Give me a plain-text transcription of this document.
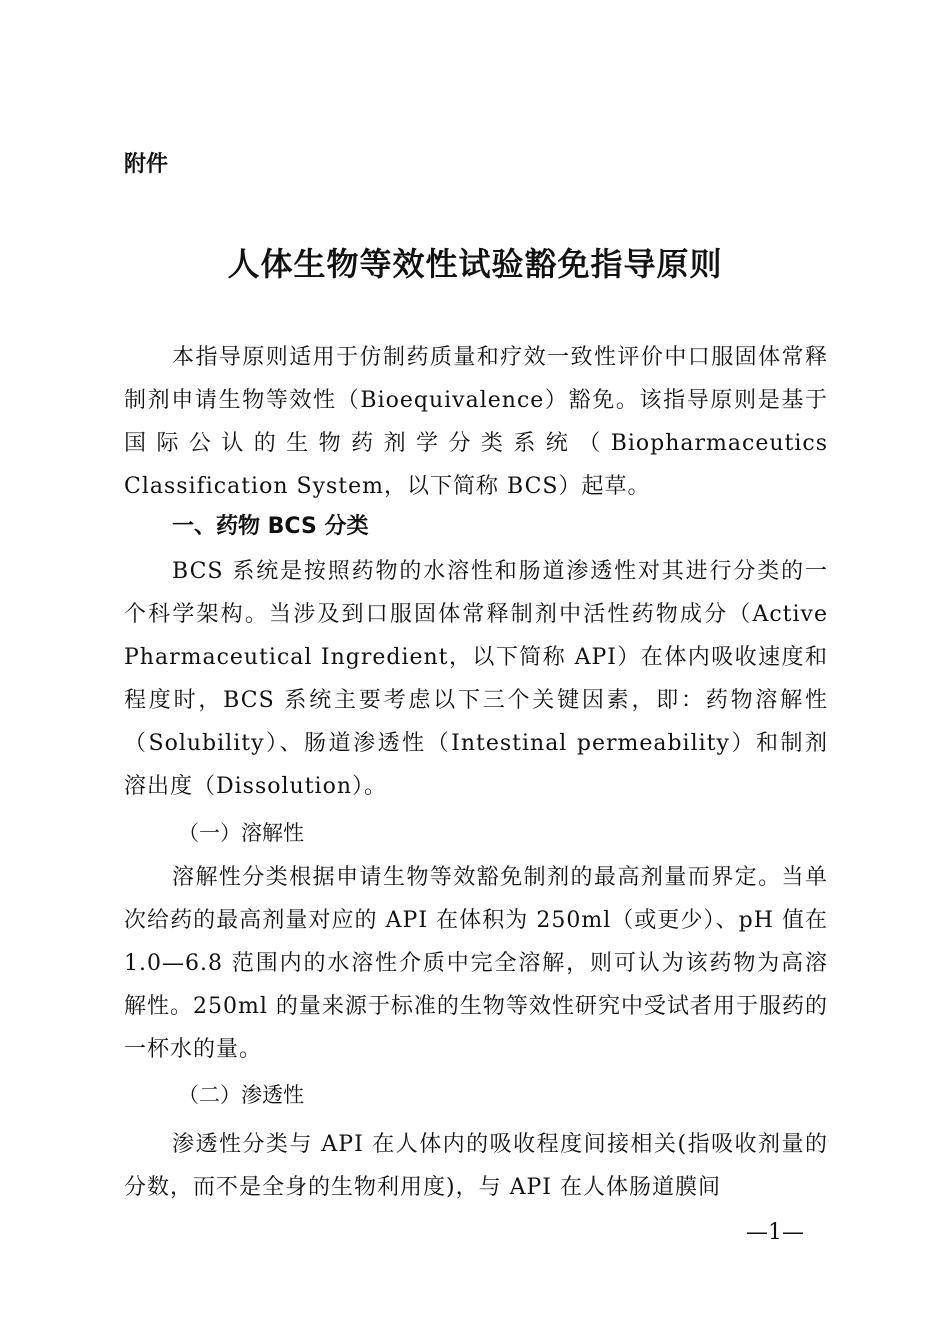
附件
人体生物等效性试验豁免指导原则

本指导原则适用于仿制药质量和疗效一致性评价中口服固体常释制剂申请生物等效性（Bioequivalence）豁免。该指导原则是基于国际公认的生物药剂学分类系统（Biopharmaceutics Classification System，以下简称 BCS）起草。

一、药物 BCS 分类

BCS 系统是按照药物的水溶性和肠道渗透性对其进行分类的一个科学架构。当涉及到口服固体常释制剂中活性药物成分（Active Pharmaceutical Ingredient，以下简称 API）在体内吸收速度和程度时，BCS 系统主要考虑以下三个关键因素，即：药物溶解性（Solubility）、肠道渗透性（Intestinal permeability）和制剂溶出度（Dissolution）。

（一）溶解性

溶解性分类根据申请生物等效豁免制剂的最高剂量而界定。当单次给药的最高剂量对应的 API 在体积为 250ml（或更少）、pH 值在 1.0—6.8 范围内的水溶性介质中完全溶解，则可认为该药物为高溶解性。250ml 的量来源于标准的生物等效性研究中受试者用于服药的一杯水的量。

（二）渗透性

渗透性分类与 API 在人体内的吸收程度间接相关(指吸收剂量的分数，而不是全身的生物利用度)，与 API 在人体肠道膜间

—1—
